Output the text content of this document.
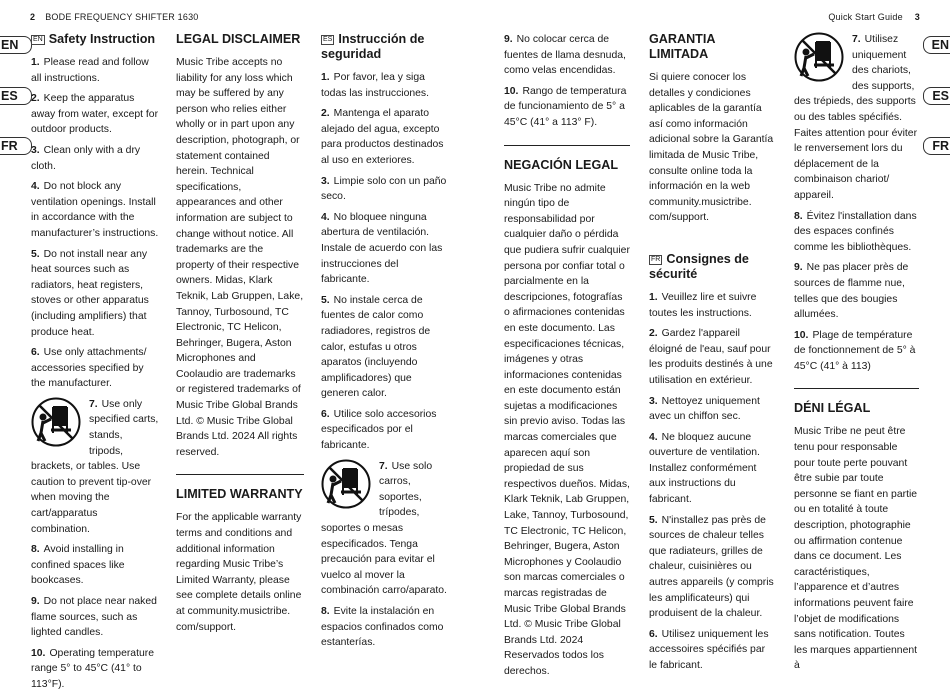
2 BODE FREQUENCY SHIFTER 1630	Quick Start Guide 3
EN
ES
FR
EN
ES
FR
EN Safety Instruction

1. Please read and follow all instructions.

2. Keep the apparatus away from water, except for outdoor products.

3. Clean only with a dry cloth.

4. Do not block any ventilation openings. Install in accordance with the manufacturer’s instructions.

5. Do not install near any heat sources such as radiators, heat registers, stoves or other apparatus (including amplifiers) that produce heat.

6. Use only attachments/ accessories specified by the manufacturer.

7. Use only specified carts, stands, tripods, brackets, or tables. Use caution to prevent tip-over when moving the cart/apparatus combination.

8. Avoid installing in confined spaces like bookcases.

9. Do not place near naked flame sources, such as lighted candles.

10. Operating temperature range 5° to 45°C (41° to 113°F).

LEGAL DISCLAIMER

Music Tribe accepts no liability for any loss which may be suffered by any person who relies either wholly or in part upon any description, photograph, or statement contained herein. Technical specifications, appearances and other information are subject to change without notice. All trademarks are the property of their respective owners. Midas, Klark Teknik, Lab Gruppen, Lake, Tannoy, Turbosound, TC Electronic, TC Helicon, Behringer, Bugera, Aston Microphones and Coolaudio are trademarks or registered trademarks of Music Tribe Global Brands Ltd. © Music Tribe Global Brands Ltd. 2024 All rights reserved.

LIMITED WARRANTY

For the applicable warranty terms and conditions and additional information regarding Music Tribe’s Limited Warranty, please see complete details online at community.musictribe. com/support.

ES Instrucción de seguridad

1. Por favor, lea y siga todas las instrucciones.

2. Mantenga el aparato alejado del agua, excepto para productos destinados al uso en exteriores.

3. Limpie solo con un paño seco.

4. No bloquee ninguna abertura de ventilación. Instale de acuerdo con las instrucciones del fabricante.

5. No instale cerca de fuentes de calor como radiadores, registros de calor, estufas u otros aparatos (incluyendo amplificadores) que generen calor.

6. Utilice solo accesorios especificados por el fabricante.

7. Use solo carros, soportes, trípodes, soportes o mesas especificados. Tenga precaución para evitar el vuelco al mover la combinación carro/aparato.

8. Evite la instalación en espacios confinados como estanterías.

9. No colocar cerca de fuentes de llama desnuda, como velas encendidas.

10. Rango de temperatura de funcionamiento de 5° a 45°C (41° a 113° F).

NEGACIÓN LEGAL

Music Tribe no admite ningún tipo de responsabilidad por cualquier daño o pérdida que pudiera sufrir cualquier persona por confiar total o parcialmente en la descripciones, fotografías o afirmaciones contenidas en este documento. Las especificaciones técnicas, imágenes y otras informaciones contenidas en este documento están sujetas a modificaciones sin previo aviso. Todas las marcas comerciales que aparecen aquí son propiedad de sus respectivos dueños. Midas, Klark Teknik, Lab Gruppen, Lake, Tannoy, Turbosound, TC Electronic, TC Helicon, Behringer, Bugera, Aston Microphones y Coolaudio son marcas comerciales o marcas registradas de Music Tribe Global Brands Ltd. © Music Tribe Global Brands Ltd. 2024 Reservados todos los derechos.

GARANTIA LIMITADA

Si quiere conocer los detalles y condiciones aplicables de la garantía así como información adicional sobre la Garantía limitada de Music Tribe, consulte online toda la información en la web community.musictribe. com/support.

FR Consignes de sécurité

1. Veuillez lire et suivre toutes les instructions.

2. Gardez l'appareil éloigné de l'eau, sauf pour les produits destinés à une utilisation en extérieur.

3. Nettoyez uniquement avec un chiffon sec.

4. Ne bloquez aucune ouverture de ventilation. Installez conformément aux instructions du fabricant.

5. N'installez pas près de sources de chaleur telles que radiateurs, grilles de chaleur, cuisinières ou autres appareils (y compris les amplificateurs) qui produisent de la chaleur.

6. Utilisez uniquement les accessoires spécifiés par le fabricant.

7. Utilisez uniquement des chariots, des supports, des trépieds, des supports ou des tables spécifiés. Faites attention pour éviter le renversement lors du déplacement de la combinaison chariot/ appareil.

8. Évitez l'installation dans des espaces confinés comme les bibliothèques.

9. Ne pas placer près de sources de flamme nue, telles que des bougies allumées.

10. Plage de température de fonctionnement de 5° à 45°C (41° à 113)

DÉNI LÉGAL

Music Tribe ne peut être tenu pour responsable pour toute perte pouvant être subie par toute personne se fiant en partie ou en totalité à toute description, photographie ou affirmation contenue dans ce document. Les caractéristiques, l’apparence et d’autres informations peuvent faire l’objet de modifications sans notification. Toutes les marques appartiennent à
